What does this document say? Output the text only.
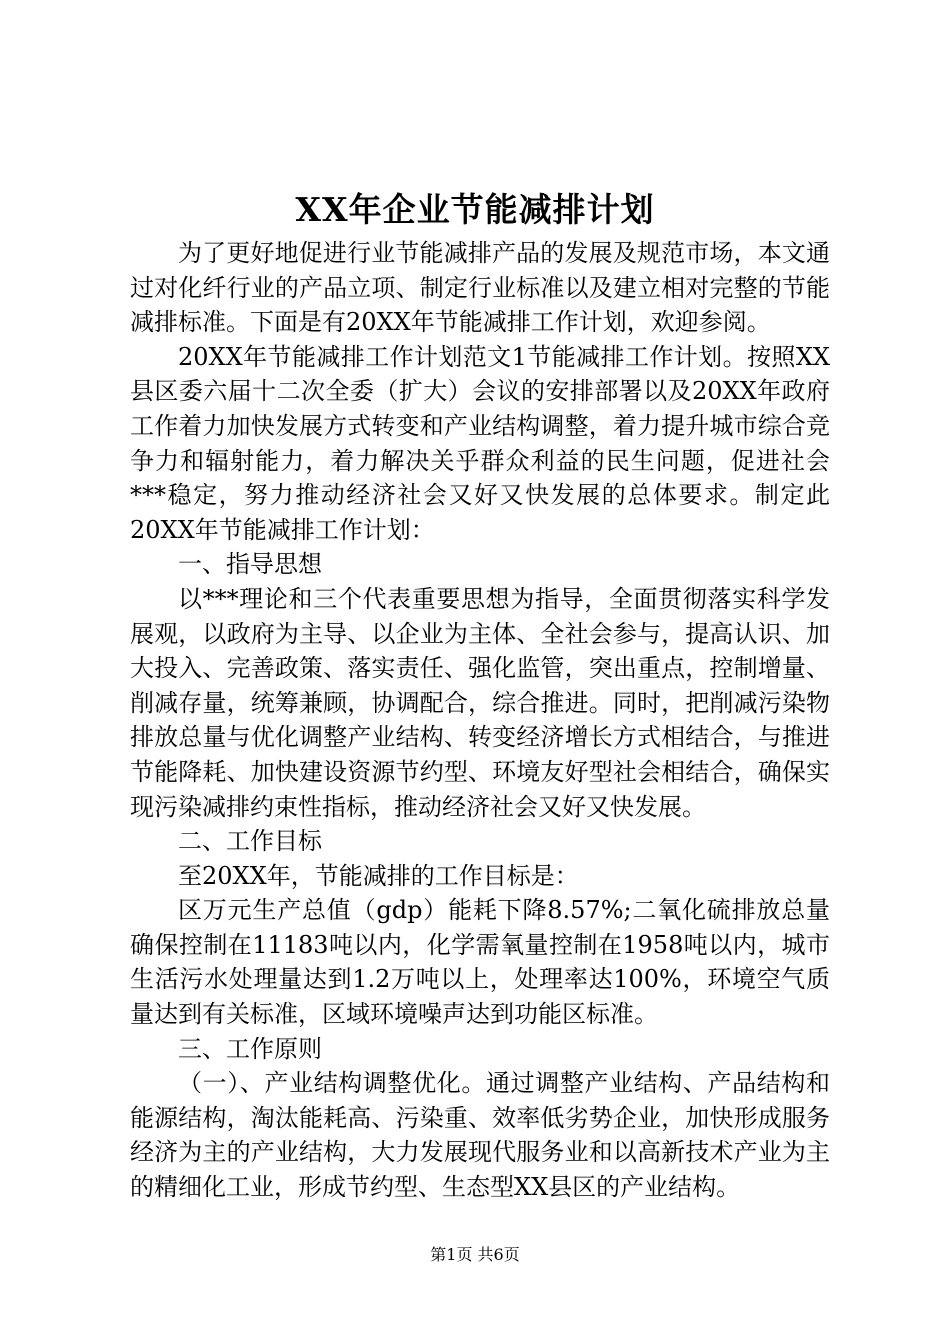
XX年企业节能减排计划

为了更好地促进行业节能减排产品的发展及规范市场，本文通过对化纤行业的产品立项、制定行业标准以及建立相对完整的节能减排标准。下面是有20XX年节能减排工作计划，欢迎参阅。

20XX年节能减排工作计划范文1节能减排工作计划。按照XX县区委六届十二次全委（扩大）会议的安排部署以及20XX年政府工作着力加快发展方式转变和产业结构调整，着力提升城市综合竞争力和辐射能力，着力解决关乎群众利益的民生问题，促进社会***稳定，努力推动经济社会又好又快发展的总体要求。制定此20XX年节能减排工作计划：

一、指导思想

以***理论和三个代表重要思想为指导，全面贯彻落实科学发展观，以政府为主导、以企业为主体、全社会参与，提高认识、加大投入、完善政策、落实责任、强化监管，突出重点，控制增量、削减存量，统筹兼顾，协调配合，综合推进。同时，把削减污染物排放总量与优化调整产业结构、转变经济增长方式相结合，与推进节能降耗、加快建设资源节约型、环境友好型社会相结合，确保实现污染减排约束性指标，推动经济社会又好又快发展。

二、工作目标

至20XX年，节能减排的工作目标是：

区万元生产总值（gdp）能耗下降8.57%;二氧化硫排放总量确保控制在11183吨以内，化学需氧量控制在1958吨以内，城市生活污水处理量达到1.2万吨以上，处理率达100%，环境空气质量达到有关标准，区域环境噪声达到功能区标准。

三、工作原则

（一）、产业结构调整优化。通过调整产业结构、产品结构和能源结构，淘汰能耗高、污染重、效率低劣势企业，加快形成服务经济为主的产业结构，大力发展现代服务业和以高新技术产业为主的精细化工业，形成节约型、生态型XX县区的产业结构。

第1页 共6页
